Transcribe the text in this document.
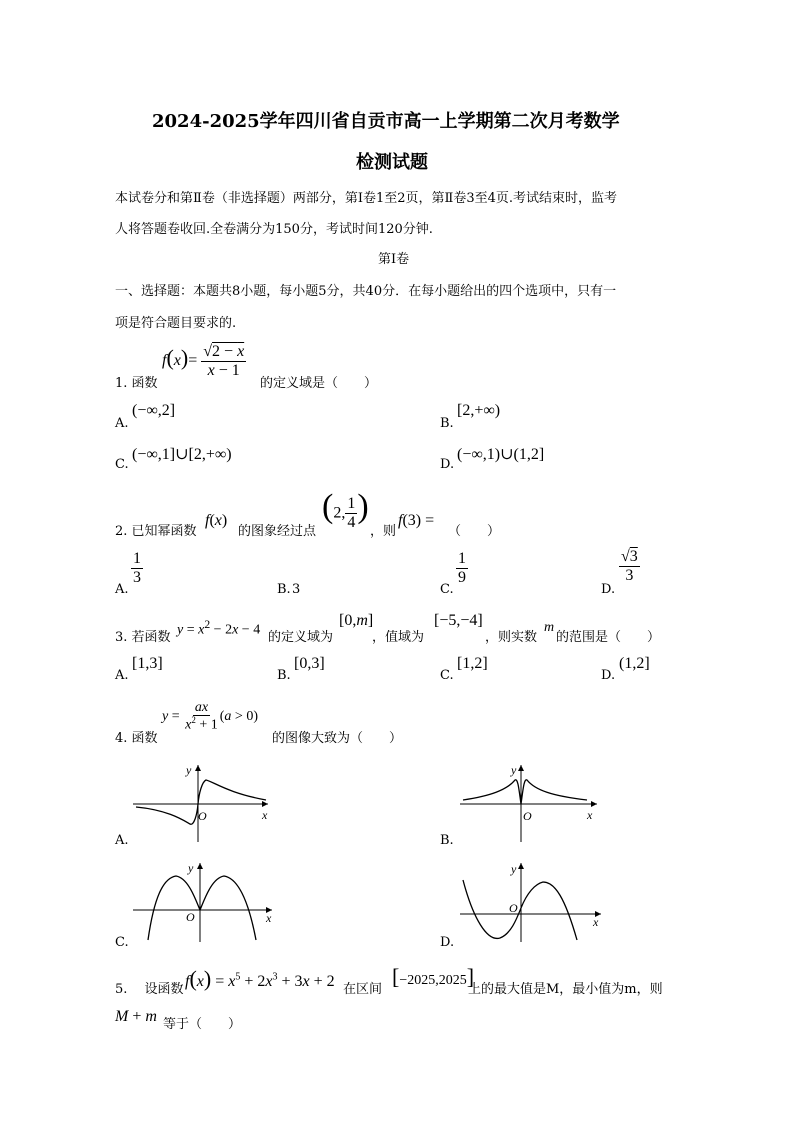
2024-2025学年四川省自贡市高一上学期第二次月考数学
检测试题
本试卷分和第Ⅱ卷（非选择题）两部分，第Ⅰ卷1至2页，第Ⅱ卷3至4页.考试结束时，监考
人将答题卷收回.全卷满分为150分，考试时间120分钟.
第Ⅰ卷
一、选择题：本题共8小题，每小题5分，共40分．在每小题给出的四个选项中，只有一
项是符合题目要求的.
1. 函数
$f(x)= \frac{√2 - x}{x - 1}$
的定义域是（　　）
A.
(−∞,2]
B.
[2,+∞)
C.
(−∞,1]∪[2,+∞)
D.
(−∞,1)∪(1,2]
2. 已知幂函数
f(x)
的图象经过点
(2, $\frac{1}{4}$ )
，则
f(3) =
（　　）
A.
$\frac{1}{3}$
B. 3	C.
$\frac{1}{9}$
D.
$\frac{√3}{3}$
3. 若函数 $y = x^2 - 2x - 4$ 的定义域为
[0,m]
，值域为
[−5,−4]
，则实数
m
的范围是（　　）
A.
[1,3]
B.
[0,3]
C.
[1,2]
D.
(1,2]
4. 函数
$y = \frac{ax}{x^2 + 1} (a > 0)$
的图像大致为（　　）
x
y
O
A.
x
y
O
B.
x
y
O
C.
x
y
O
D.
5.　 设函数 $f(x) = x^5 + 2x^3 + 3x + 2$ 在区间
[−2025,2025]
上的最大值是M，最小值为m，则
M + m 等于（　　）
